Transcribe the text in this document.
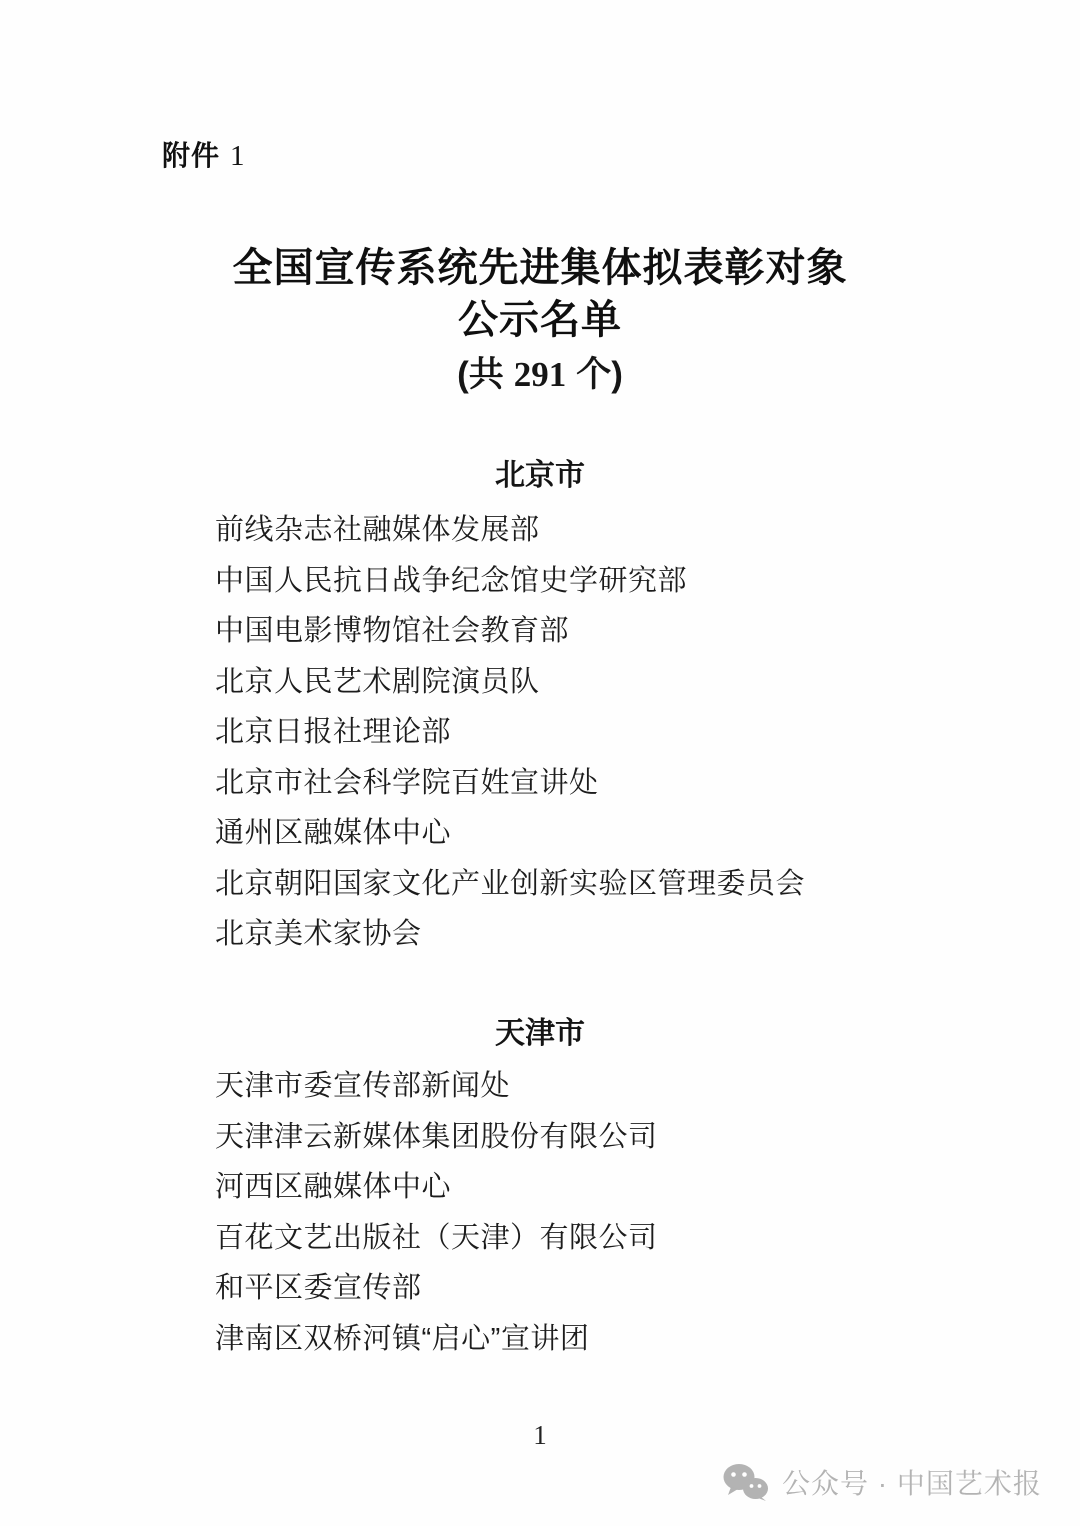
附件 1
全国宣传系统先进集体拟表彰对象
公示名单
(共 291 个)
北京市
前线杂志社融媒体发展部
中国人民抗日战争纪念馆史学研究部
中国电影博物馆社会教育部
北京人民艺术剧院演员队
北京日报社理论部
北京市社会科学院百姓宣讲处
通州区融媒体中心
北京朝阳国家文化产业创新实验区管理委员会
北京美术家协会
天津市
天津市委宣传部新闻处
天津津云新媒体集团股份有限公司
河西区融媒体中心
百花文艺出版社（天津）有限公司
和平区委宣传部
津南区双桥河镇“启心”宣讲团
1
公众号 · 中国艺术报
